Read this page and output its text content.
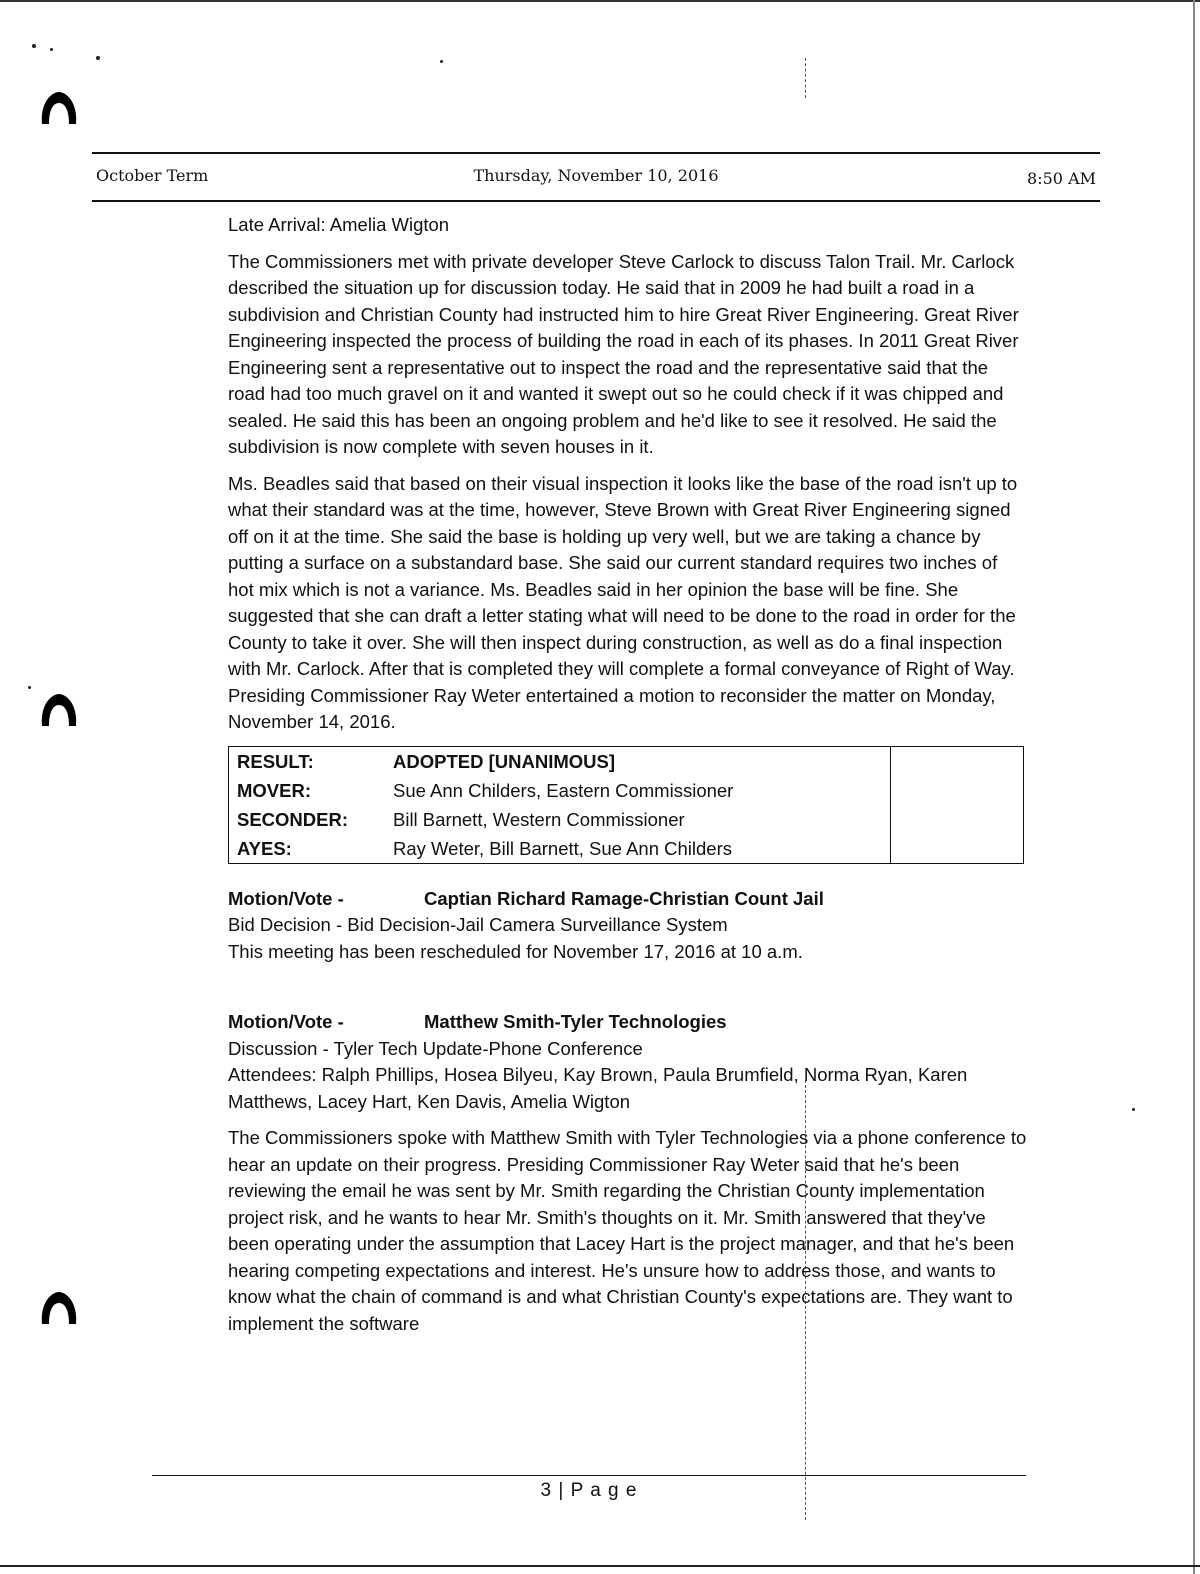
October Term	Thursday, November 10, 2016	8:50 AM

Late Arrival: Amelia Wigton

The Commissioners met with private developer Steve Carlock to discuss Talon Trail. Mr. Carlock described the situation up for discussion today. He said that in 2009 he had built a road in a subdivision and Christian County had instructed him to hire Great River Engineering. Great River Engineering inspected the process of building the road in each of its phases. In 2011 Great River Engineering sent a representative out to inspect the road and the representative said that the road had too much gravel on it and wanted it swept out so he could check if it was chipped and sealed. He said this has been an ongoing problem and he'd like to see it resolved. He said the subdivision is now complete with seven houses in it.

Ms. Beadles said that based on their visual inspection it looks like the base of the road isn't up to what their standard was at the time, however, Steve Brown with Great River Engineering signed off on it at the time. She said the base is holding up very well, but we are taking a chance by putting a surface on a substandard base. She said our current standard requires two inches of hot mix which is not a variance. Ms. Beadles said in her opinion the base will be fine. She suggested that she can draft a letter stating what will need to be done to the road in order for the County to take it over. She will then inspect during construction, as well as do a final inspection with Mr. Carlock. After that is completed they will complete a formal conveyance of Right of Way. Presiding Commissioner Ray Weter entertained a motion to reconsider the matter on Monday, November 14, 2016.

RESULT:	ADOPTED [UNANIMOUS]	
MOVER:	Sue Ann Childers, Eastern Commissioner	
SECONDER:	Bill Barnett, Western Commissioner	
AYES:	Ray Weter, Bill Barnett, Sue Ann Childers	
Motion/Vote -	Captian Richard Ramage-Christian Count Jail
Bid Decision - Bid Decision-Jail Camera Surveillance System
This meeting has been rescheduled for November 17, 2016 at 10 a.m.
Motion/Vote -	Matthew Smith-Tyler Technologies
Discussion - Tyler Tech Update-Phone Conference

Attendees: Ralph Phillips, Hosea Bilyeu, Kay Brown, Paula Brumfield, Norma Ryan, Karen Matthews, Lacey Hart, Ken Davis, Amelia Wigton

The Commissioners spoke with Matthew Smith with Tyler Technologies via a phone conference to hear an update on their progress. Presiding Commissioner Ray Weter said that he's been reviewing the email he was sent by Mr. Smith regarding the Christian County implementation project risk, and he wants to hear Mr. Smith's thoughts on it. Mr. Smith answered that they've been operating under the assumption that Lacey Hart is the project manager, and that he's been hearing competing expectations and interest. He's unsure how to address those, and wants to know what the chain of command is and what Christian County's expectations are. They want to implement the software

3 | P a g e
